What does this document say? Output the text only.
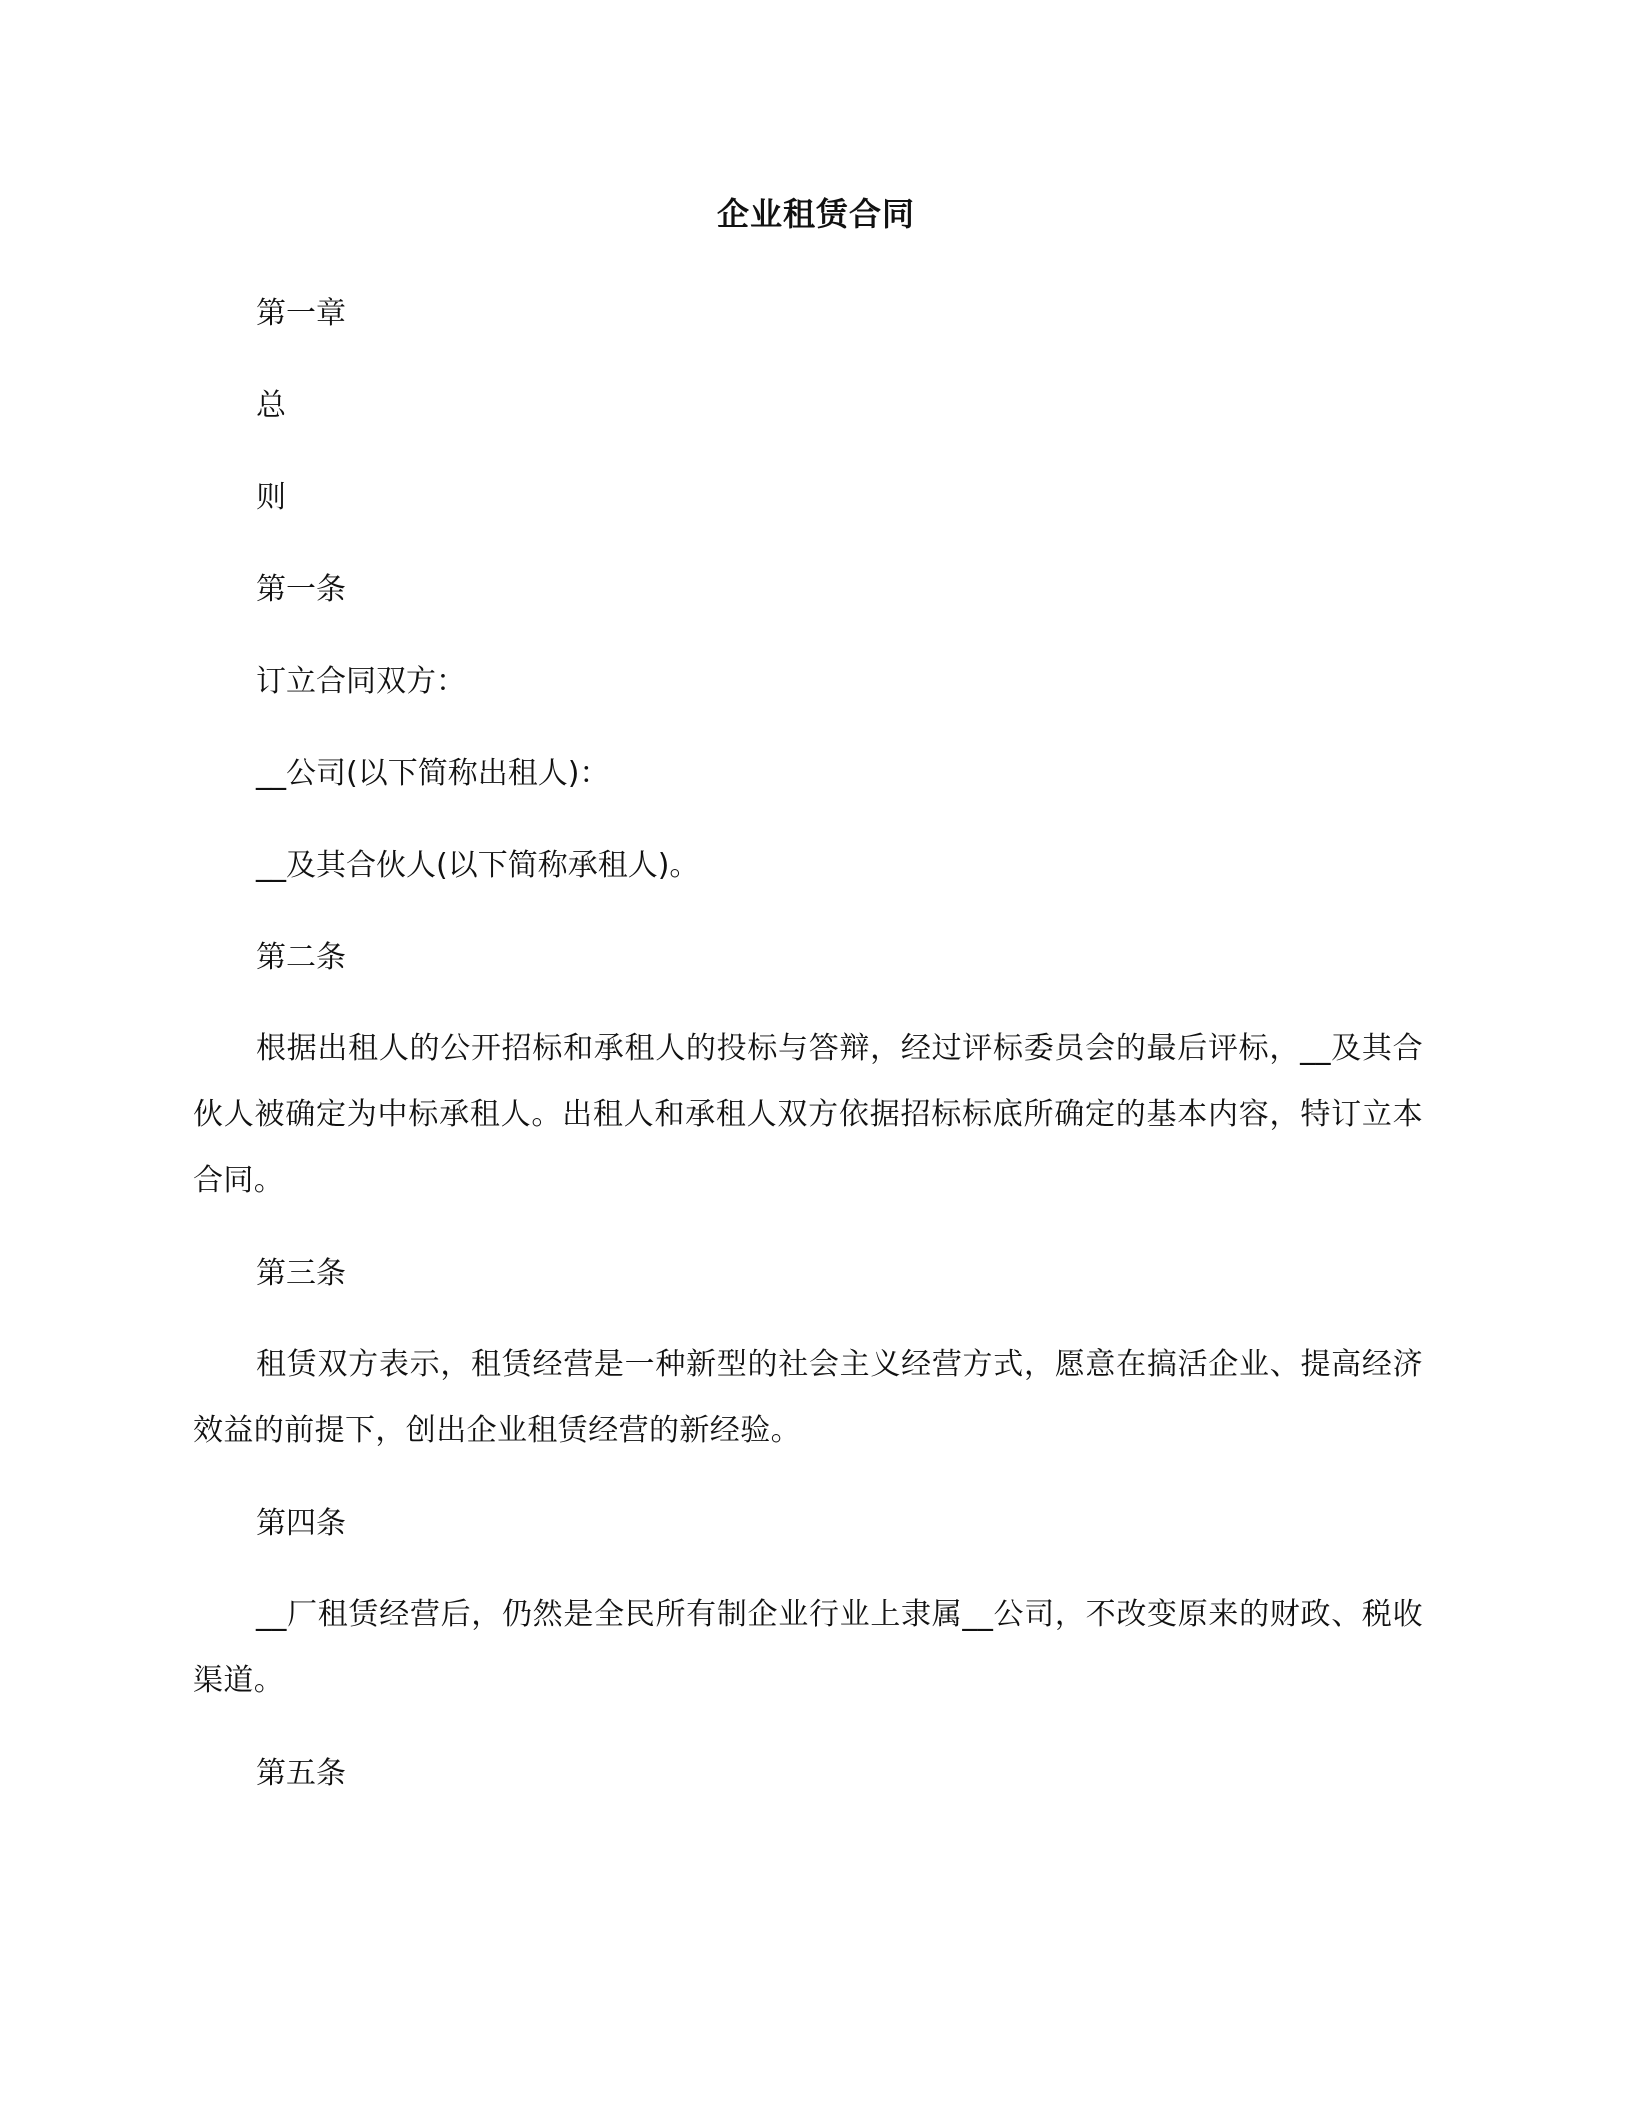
企业租赁合同
第一章
总
则
第一条
订立合同双方：
__公司(以下简称出租人)：
__及其合伙人(以下简称承租人)。
第二条
根据出租人的公开招标和承租人的投标与答辩，经过评标委员会的最后评标，__及其合伙人被确定为中标承租人。出租人和承租人双方依据招标标底所确定的基本内容，特订立本合同。
第三条
租赁双方表示，租赁经营是一种新型的社会主义经营方式，愿意在搞活企业、提高经济效益的前提下，创出企业租赁经营的新经验。
第四条
__厂租赁经营后，仍然是全民所有制企业行业上隶属__公司，不改变原来的财政、税收渠道。
第五条
